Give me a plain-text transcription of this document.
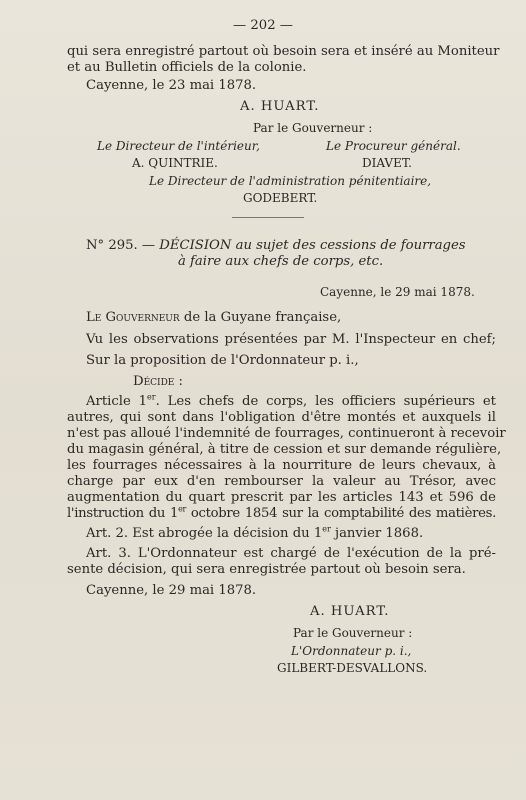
— 202 —
qui sera enregistré partout où besoin sera et inséré au Moniteur
et au Bulletin officiels de la colonie.
Cayenne, le 23 mai 1878.
A. HUART.
Par le Gouverneur :
Le Directeur de l'intérieur,	Le Procureur général.
A. QUINTRIE.	DIAVET.
Le Directeur de l'administration pénitentiaire,
GODEBERT.
N° 295. — DÉCISION au sujet des cessions de fourrages
à faire aux chefs de corps, etc.
Cayenne, le 29 mai 1878.
Le Gouverneur de la Guyane française,
Vu les observations présentées par M. l'Inspecteur en chef;
Sur la proposition de l'Ordonnateur p. i.,
Décide :
Article 1er. Les chefs de corps, les officiers supérieurs et
autres, qui sont dans l'obligation d'être montés et auxquels il
n'est pas alloué l'indemnité de fourrages, continueront à recevoir
du magasin général, à titre de cession et sur demande régulière,
les fourrages nécessaires à la nourriture de leurs chevaux, à
charge par eux d'en rembourser la valeur au Trésor, avec
augmentation du quart prescrit par les articles 143 et 596 de
l'instruction du 1er octobre 1854 sur la comptabilité des matières.
Art. 2. Est abrogée la décision du 1er janvier 1868.
Art. 3. L'Ordonnateur est chargé de l'exécution de la pré-
sente décision, qui sera enregistrée partout où besoin sera.
Cayenne, le 29 mai 1878.
A. HUART.
Par le Gouverneur :
L'Ordonnateur p. i.,
GILBERT-DESVALLONS.
